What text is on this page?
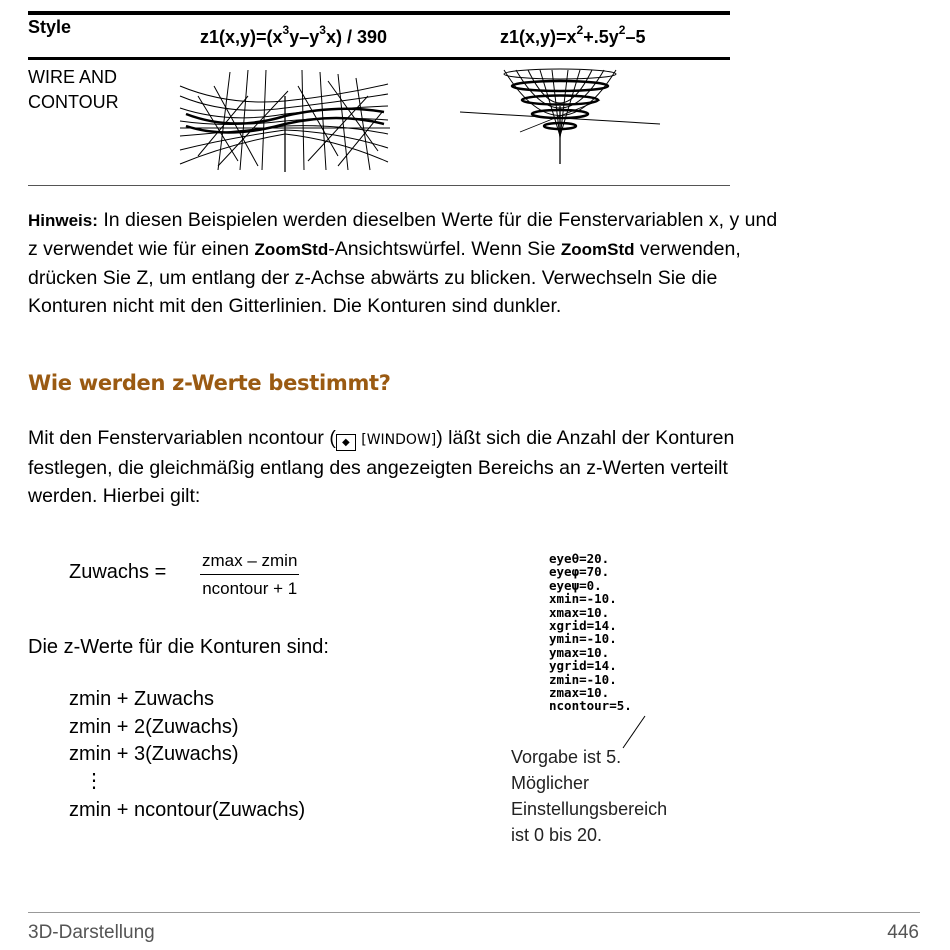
Style	$z1(x,y)=(x^3y-y^3x) / 390$	$z1(x,y)=x^2+.5y^2-5$
WIRE AND
CONTOUR
Hinweis: In diesen Beispielen werden dieselben Werte für die Fenstervariablen x, y und
z verwendet wie für einen ZoomStd-Ansichtswürfel. Wenn Sie ZoomStd verwenden,
drücken Sie Z, um entlang der z-Achse abwärts zu blicken. Verwechseln Sie die
Konturen nicht mit den Gitterlinien. Die Konturen sind dunkler.
Wie werden z-Werte bestimmt?
Mit den Fenstervariablen ncontour ( ◆ [WINDOW]) läßt sich die Anzahl der Konturen
festlegen, die gleichmäßig entlang des angezeigten Bereichs an z-Werten verteilt
werden. Hierbei gilt:
Zuwachs =
zmax – zmin
ncontour + 1
Die z-Werte für die Konturen sind:
zmin + Zuwachs
zmin + 2(Zuwachs)
zmin + 3(Zuwachs)
⋮
zmin + ncontour(Zuwachs)
eyeθ=20.
eyeφ=70.
eyeψ=0.
xmin=-10.
xmax=10.
xgrid=14.
ymin=-10.
ymax=10.
ygrid=14.
zmin=-10.
zmax=10.
ncontour=5.
Vorgabe ist 5.
Möglicher
Einstellungsbereich
ist 0 bis 20.
3D-Darstellung	446
